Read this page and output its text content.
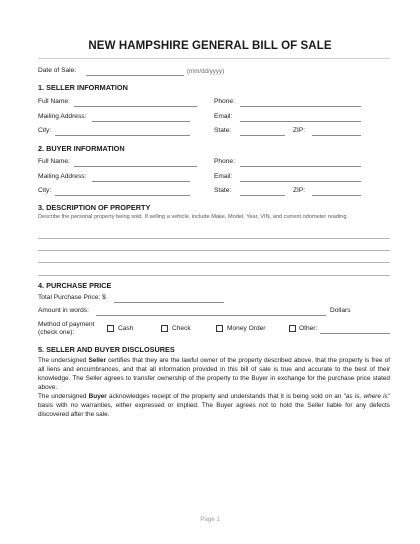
NEW HAMPSHIRE GENERAL BILL OF SALE
Date of Sale:	(mm/dd/yyyy)
1. SELLER INFORMATION
Full Name:	Phone:
Mailing Address:	Email:
City:	State:	ZIP:
2. BUYER INFORMATION
Full Name:	Phone:
Mailing Address:	Email:
City:	State:	ZIP:
3. DESCRIPTION OF PROPERTY
Describe the personal property being sold. If selling a vehicle, include Make, Model, Year, VIN, and current odometer reading.
4. PURCHASE PRICE
Total Purchase Price: $
Amount in words:	Dollars
Method of payment
(check one):
Cash	Check	Money Order	Other:
5. SELLER AND BUYER DISCLOSURES
The undersigned Seller certifies that they are the lawful owner of the property described above, that the property is free of all liens and encumbrances, and that all information provided in this bill of sale is true and accurate to the best of their knowledge. The Seller agrees to transfer ownership of the property to the Buyer in exchange for the purchase price stated above.
The undersigned Buyer acknowledges receipt of the property and understands that it is being sold on an "as is, where is" basis with no warranties, either expressed or implied. The Buyer agrees not to hold the Seller liable for any defects discovered after the sale.
Page 1
